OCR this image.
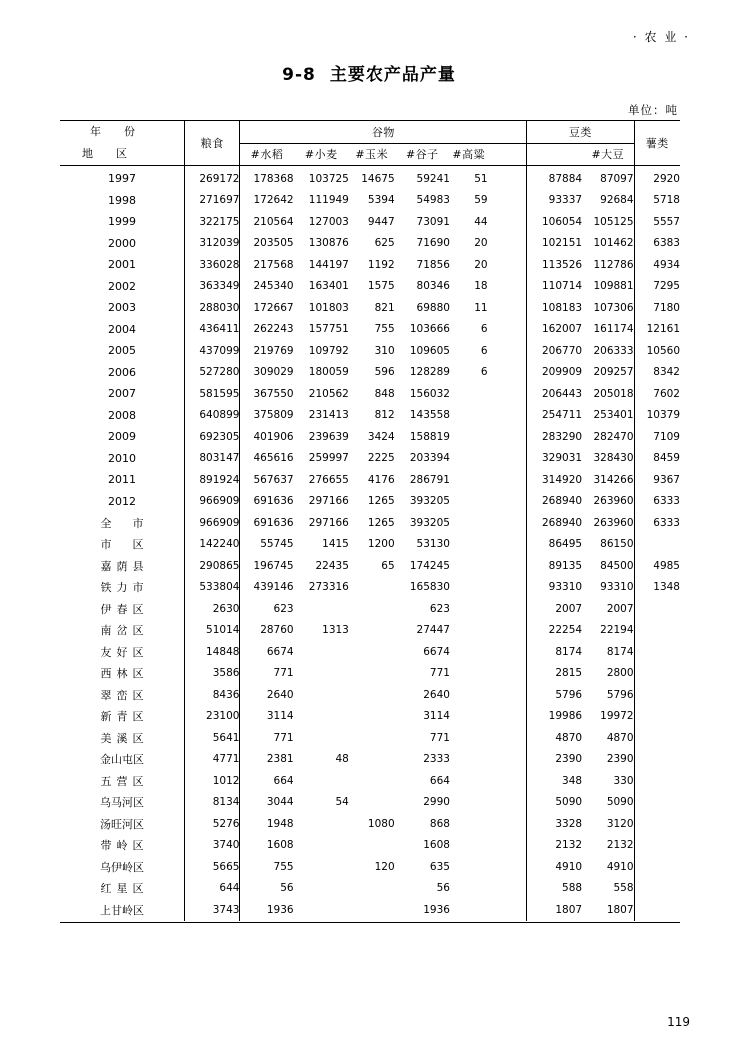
· 农 业 ·
9-8 主要农产品产量
单位：吨
年　份
地　区	粮食	谷物						豆类		薯类
		#水稻	#小麦	#玉米	#谷子	#高粱			#大豆	
1997	269172	178368	103725	14675	59241	51		87884	87097	2920
1998	271697	172642	111949	5394	54983	59		93337	92684	5718
1999	322175	210564	127003	9447	73091	44		106054	105125	5557
2000	312039	203505	130876	625	71690	20		102151	101462	6383
2001	336028	217568	144197	1192	71856	20		113526	112786	4934
2002	363349	245340	163401	1575	80346	18		110714	109881	7295
2003	288030	172667	101803	821	69880	11		108183	107306	7180
2004	436411	262243	157751	755	103666	6		162007	161174	12161
2005	437099	219769	109792	310	109605	6		206770	206333	10560
2006	527280	309029	180059	596	128289	6		209909	209257	8342
2007	581595	367550	210562	848	156032			206443	205018	7602
2008	640899	375809	231413	812	143558			254711	253401	10379
2009	692305	401906	239639	3424	158819			283290	282470	7109
2010	803147	465616	259997	2225	203394			329031	328430	8459
2011	891924	567637	276655	4176	286791			314920	314266	9367
2012	966909	691636	297166	1265	393205			268940	263960	6333
全　市	966909	691636	297166	1265	393205			268940	263960	6333
市　区	142240	55745	1415	1200	53130			86495	86150	
嘉荫县	290865	196745	22435	65	174245			89135	84500	4985
铁力市	533804	439146	273316		165830			93310	93310	1348
伊春区	2630	623			623			2007	2007	
南岔区	51014	28760	1313		27447			22254	22194	
友好区	14848	6674			6674			8174	8174	
西林区	3586	771			771			2815	2800	
翠峦区	8436	2640			2640			5796	5796	
新青区	23100	3114			3114			19986	19972	
美溪区	5641	771			771			4870	4870	
金山屯区	4771	2381	48		2333			2390	2390	
五营区	1012	664			664			348	330	
乌马河区	8134	3044	54		2990			5090	5090	
汤旺河区	5276	1948		1080	868			3328	3120	
带岭区	3740	1608			1608			2132	2132	
乌伊岭区	5665	755		120	635			4910	4910	
红星区	644	56			56			588	558	
上甘岭区	3743	1936			1936			1807	1807	
119
